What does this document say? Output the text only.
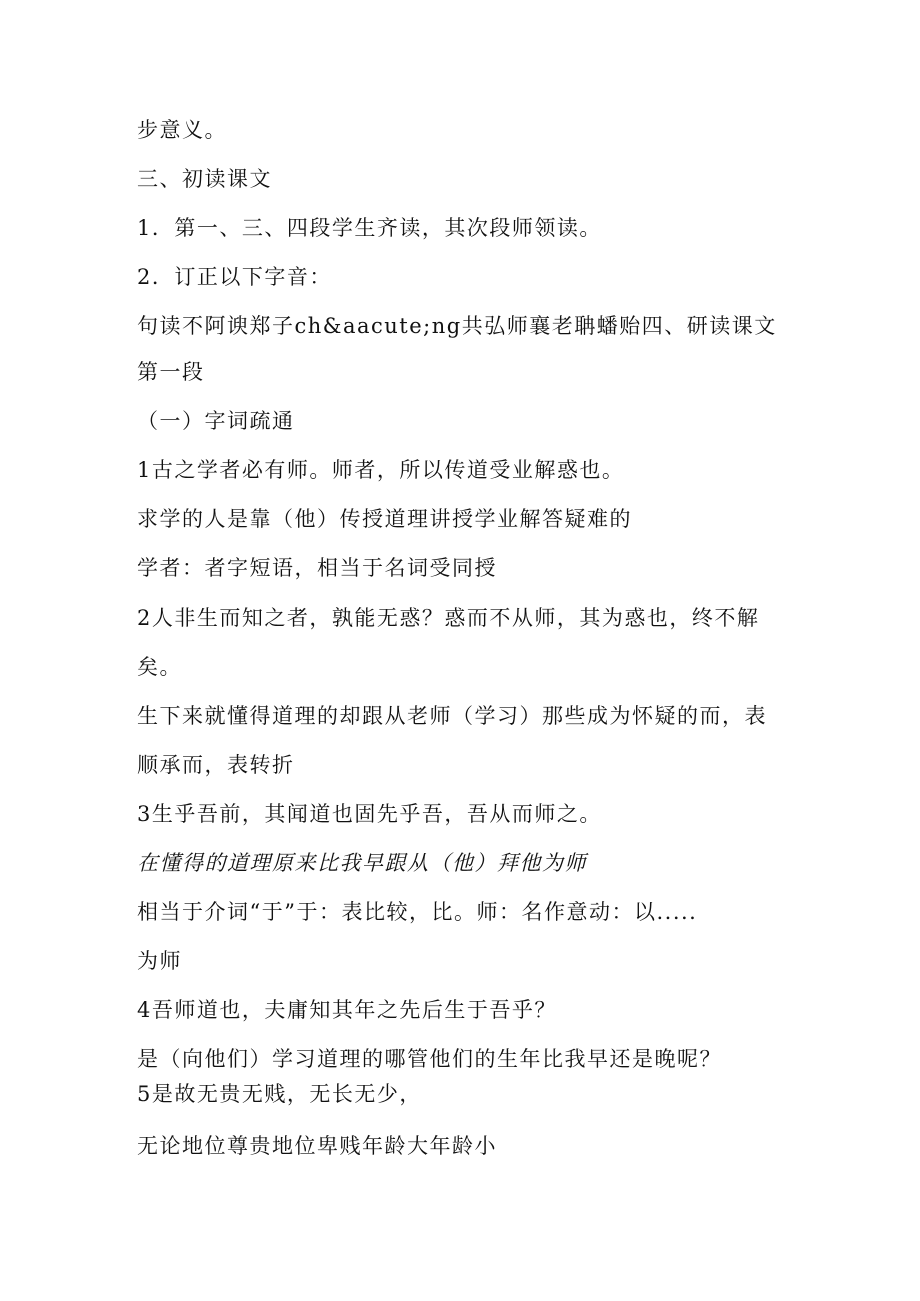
步意义。
三、初读课文
1．第一、三、四段学生齐读，其次段师领读。
2．订正以下字音：
句读不阿谀郑子ch&aacute;ng共弘师襄老聃蟠贻四、研读课文
第一段
（一）字词疏通
1古之学者必有师。师者，所以传道受业解惑也。
求学的人是靠（他）传授道理讲授学业解答疑难的
学者：者字短语，相当于名词受同授
2人非生而知之者，孰能无惑？惑而不从师，其为惑也，终不解
矣。
生下来就懂得道理的却跟从老师（学习）那些成为怀疑的而，表
顺承而，表转折
3生乎吾前，其闻道也固先乎吾，吾从而师之。
在懂得的道理原来比我早跟从（他）拜他为师
相当于介词“于”于：表比较，比。师：名作意动：以.....
为师
4吾师道也，夫庸知其年之先后生于吾乎？
是（向他们）学习道理的哪管他们的生年比我早还是晚呢？
5是故无贵无贱，无长无少，
无论地位尊贵地位卑贱年龄大年龄小
